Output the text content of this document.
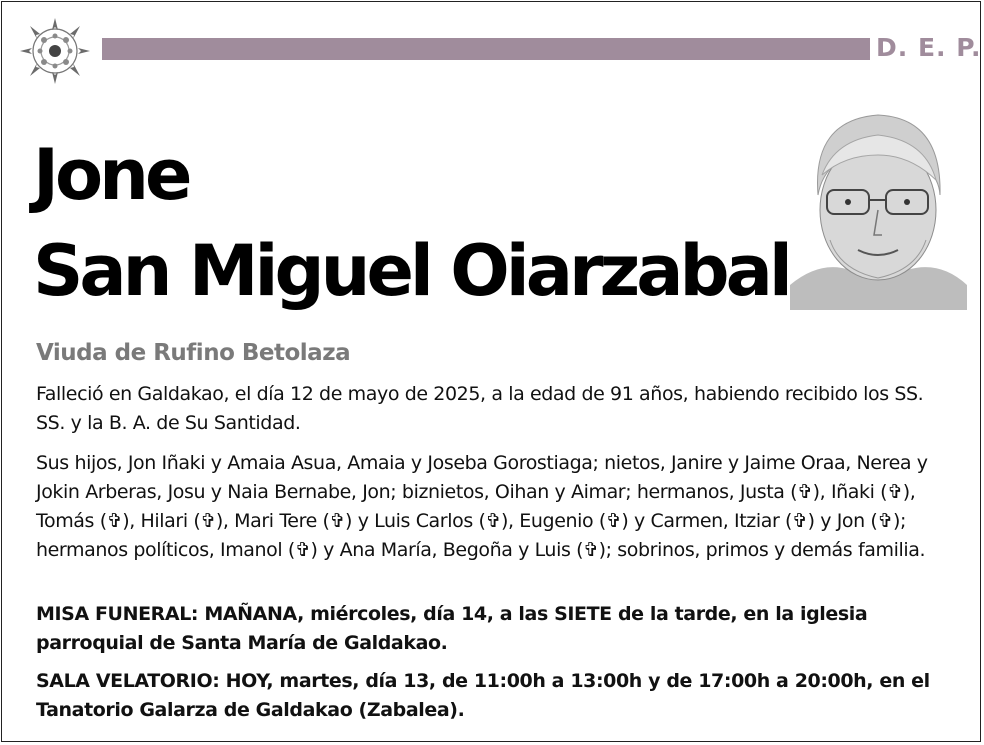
D. E. P.
Jone
San Miguel Oiarzabal
Viuda de Rufino Betolaza
Falleció en Galdakao, el día 12 de mayo de 2025, a la edad de 91 años, habiendo recibido los SS. SS. y la B. A. de Su Santidad.
Sus hijos, Jon Iñaki y Amaia Asua, Amaia y Joseba Gorostiaga; nietos, Janire y Jaime Oraa, Nerea y Jokin Arberas, Josu y Naia Bernabe, Jon; biznietos, Oihan y Aimar; hermanos, Justa (✞), Iñaki (✞), Tomás (✞), Hilari (✞), Mari Tere (✞) y Luis Carlos (✞), Eugenio (✞) y Carmen, Itziar (✞) y Jon (✞); hermanos políticos, Imanol (✞) y Ana María, Begoña y Luis (✞); sobrinos, primos y demás familia.
MISA FUNERAL: MAÑANA, miércoles, día 14, a las SIETE de la tarde, en la iglesia parroquial de Santa María de Galdakao.
SALA VELATORIO: HOY, martes, día 13, de 11:00h a 13:00h y de 17:00h a 20:00h, en el Tanatorio Galarza de Galdakao (Zabalea).
